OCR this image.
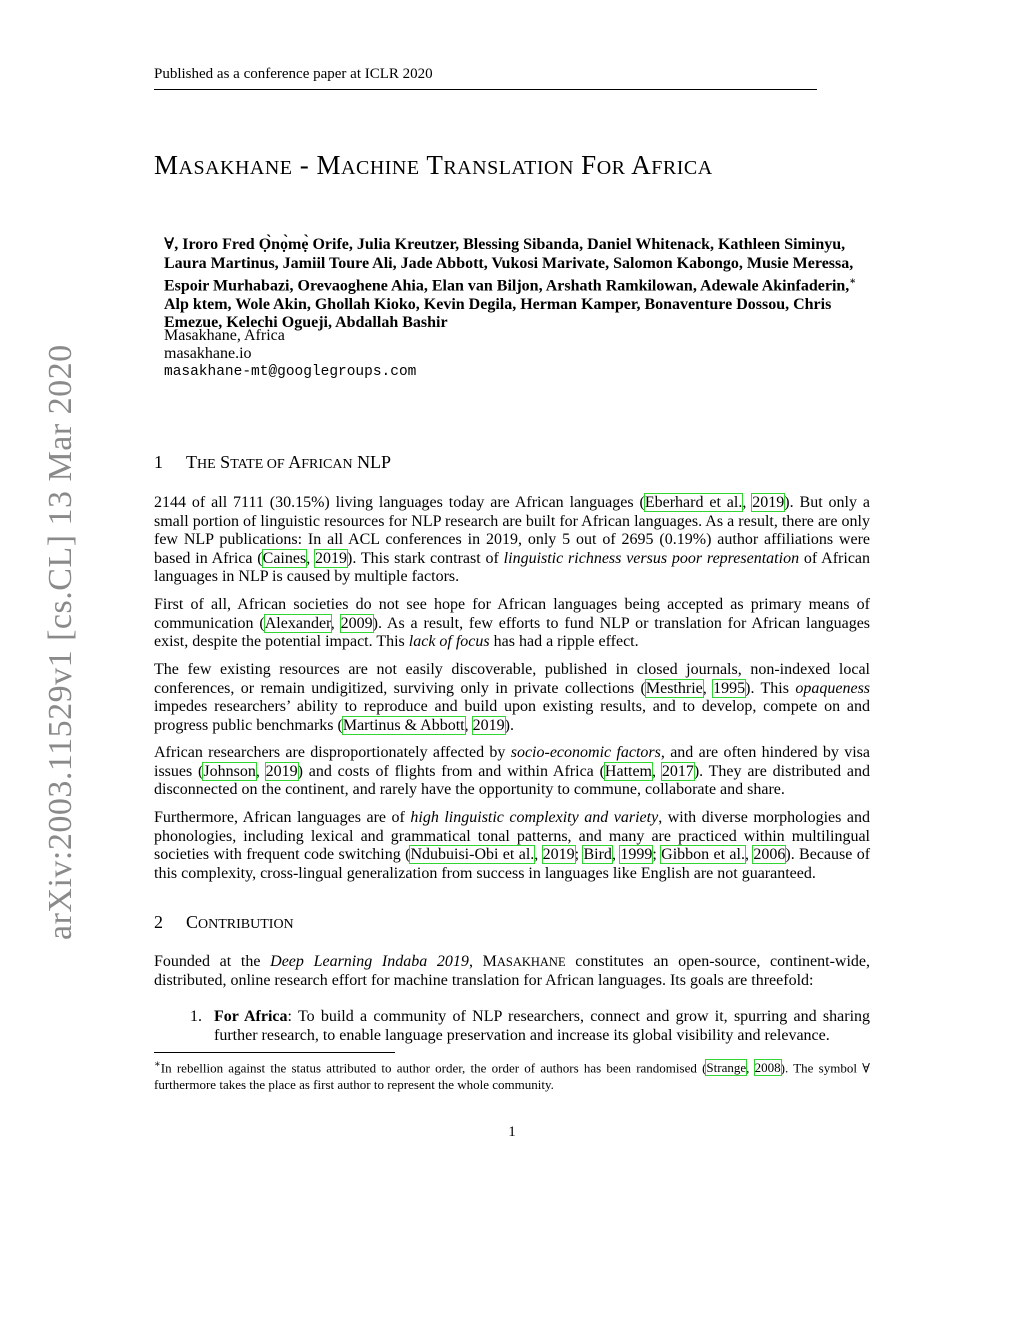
Published as a conference paper at ICLR 2020
arXiv:2003.11529v1 [cs.CL] 13 Mar 2020
MASAKHANE - MACHINE TRANSLATION FOR AFRICA
∀, Iroro Fred Ọ̀nọ̀mẹ̀ Orife, Julia Kreutzer, Blessing Sibanda, Daniel Whitenack, Kathleen Siminyu, Laura Martinus, Jamiil Toure Ali, Jade Abbott, Vukosi Marivate, Salomon Kabongo, Musie Meressa, Espoir Murhabazi, Orevaoghene Ahia, Elan van Biljon, Arshath Ramkilowan, Adewale Akinfaderin,∗ Alp ktem, Wole Akin, Ghollah Kioko, Kevin Degila, Herman Kamper, Bonaventure Dossou, Chris Emezue, Kelechi Ogueji, Abdallah Bashir
Masakhane, Africa
masakhane.io
masakhane-mt@googlegroups.com
1 THE STATE OF AFRICAN NLP
2144 of all 7111 (30.15%) living languages today are African languages (Eberhard et al., 2019). But only a small portion of linguistic resources for NLP research are built for African languages. As a result, there are only few NLP publications: In all ACL conferences in 2019, only 5 out of 2695 (0.19%) author affiliations were based in Africa (Caines, 2019). This stark contrast of linguistic richness versus poor representation of African languages in NLP is caused by multiple factors.
First of all, African societies do not see hope for African languages being accepted as primary means of communication (Alexander, 2009). As a result, few efforts to fund NLP or translation for African languages exist, despite the potential impact. This lack of focus has had a ripple effect.
The few existing resources are not easily discoverable, published in closed journals, non-indexed local conferences, or remain undigitized, surviving only in private collections (Mesthrie, 1995). This opaqueness impedes researchers’ ability to reproduce and build upon existing results, and to develop, compete on and progress public benchmarks (Martinus & Abbott, 2019).
African researchers are disproportionately affected by socio-economic factors, and are often hindered by visa issues (Johnson, 2019) and costs of flights from and within Africa (Hattem, 2017). They are distributed and disconnected on the continent, and rarely have the opportunity to commune, collaborate and share.
Furthermore, African languages are of high linguistic complexity and variety, with diverse morphologies and phonologies, including lexical and grammatical tonal patterns, and many are practiced within multilingual societies with frequent code switching (Ndubuisi-Obi et al., 2019; Bird, 1999; Gibbon et al., 2006). Because of this complexity, cross-lingual generalization from success in languages like English are not guaranteed.
2 CONTRIBUTION
Founded at the Deep Learning Indaba 2019, MASAKHANE constitutes an open-source, continent-wide, distributed, online research effort for machine translation for African languages. Its goals are threefold:
1. For Africa: To build a community of NLP researchers, connect and grow it, spurring and sharing further research, to enable language preservation and increase its global visibility and relevance.
∗In rebellion against the status attributed to author order, the order of authors has been randomised (Strange, 2008). The symbol ∀ furthermore takes the place as first author to represent the whole community.
1
